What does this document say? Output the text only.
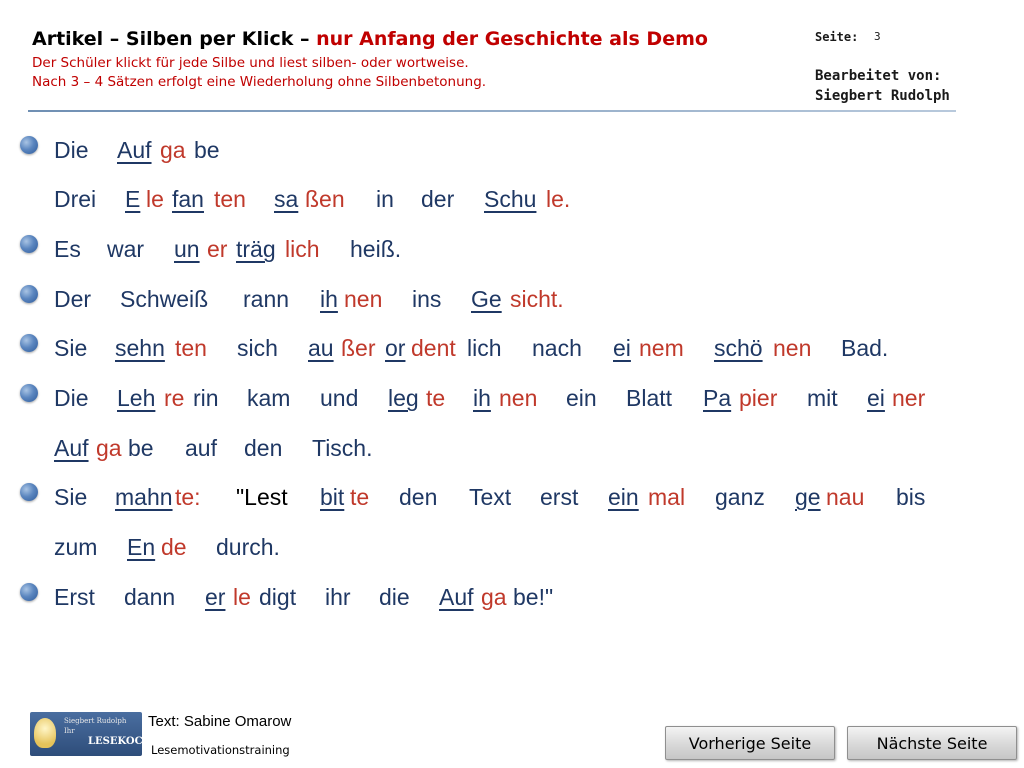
Artikel – Silben per Klick – nur Anfang der Geschichte als Demo
Der Schüler klickt für jede Silbe und liest silben- oder wortweise.
Nach 3 – 4 Sätzen erfolgt eine Wiederholung ohne Silbenbetonung.
Seite: 3
Bearbeitet von:
Siegbert Rudolph
Die Auf ga be
Drei E le fan ten sa ßen in der Schu le.
Es war un er träg lich heiß.
Der Schweiß rann ih nen ins Ge sicht.
Sie sehn ten sich au ßer or dent lich nach ei nem schö nen Bad.
Die Leh re rin kam und leg te ih nen ein Blatt Pa pier mit ei ner
Auf ga be auf den Tisch.
Sie mahn te: "Lest bit te den Text erst ein mal ganz ge nau bis
zum En de durch.
Erst dann er le digt ihr die Auf ga be!"
Siegbert Rudolph
Ihr
LESEKOCH
Text: Sabine Omarow
Lesemotivationstraining	Vorherige Seite	Nächste Seite
